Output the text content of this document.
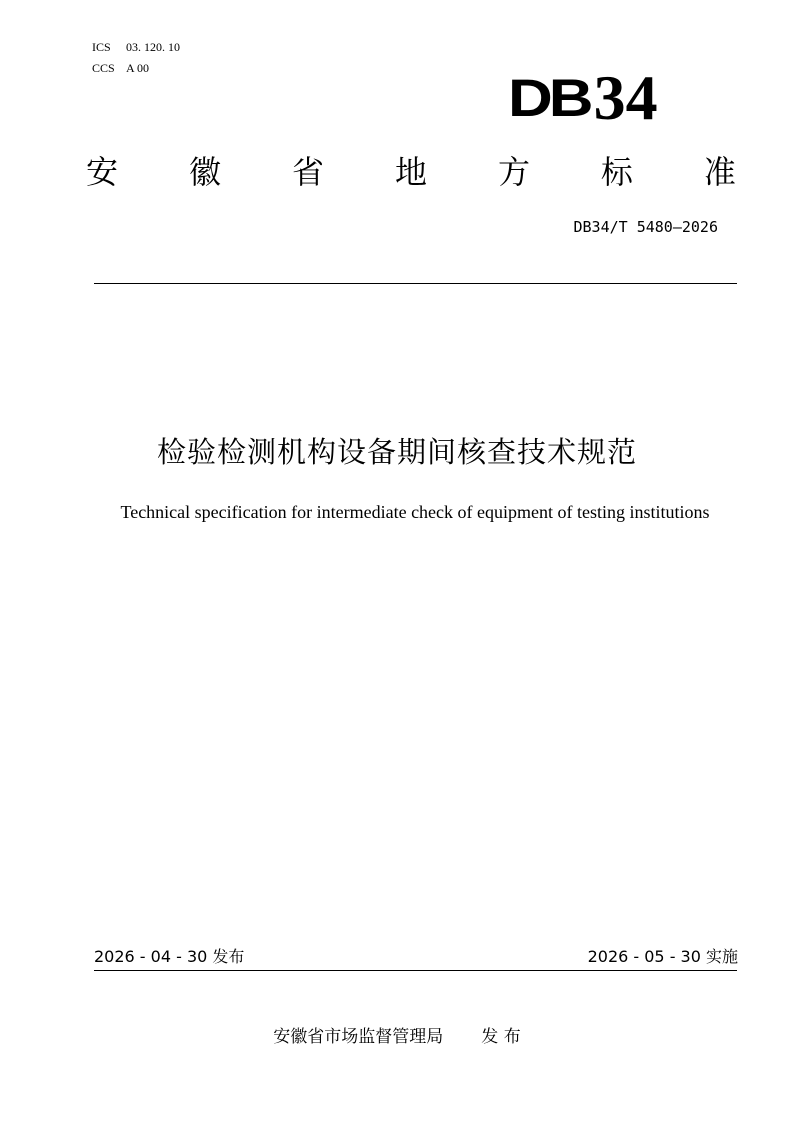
ICS 03. 120. 10
CCS A 00
DB34
安 徽 省 地 方 标 准
DB34/T 5480—2026
检验检测机构设备期间核查技术规范
Technical specification for intermediate check of equipment of testing institutions
2026 - 04 - 30 发布	2026 - 05 - 30 实施
安徽省市场监督管理局 发 布
